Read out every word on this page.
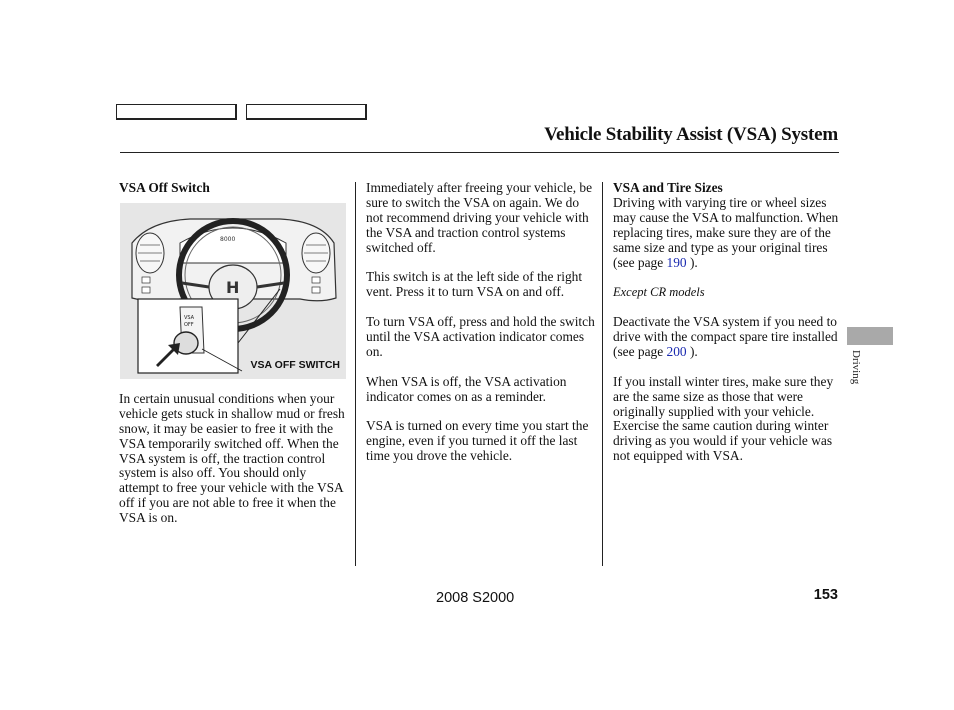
Vehicle Stability Assist (VSA) System

VSA Off Switch

8000
H
VSA
OFF
VSA OFF SWITCH

In certain unusual conditions when your vehicle gets stuck in shallow mud or fresh snow, it may be easier to free it with the VSA temporarily switched off. When the VSA system is off, the traction control system is also off. You should only attempt to free your vehicle with the VSA off if you are not able to free it when the VSA is on.

Immediately after freeing your vehicle, be sure to switch the VSA on again. We do not recommend driving your vehicle with the VSA and traction control systems switched off.

This switch is at the left side of the right vent. Press it to turn VSA on and off.

To turn VSA off, press and hold the switch until the VSA activation indicator comes on.

When VSA is off, the VSA activation indicator comes on as a reminder.

VSA is turned on every time you start the engine, even if you turned it off the last time you drove the vehicle.

VSA and Tire Sizes

Driving with varying tire or wheel sizes may cause the VSA to malfunction. When replacing tires, make sure they are of the same size and type as your original tires (see page 190 ).

Except CR models

Deactivate the VSA system if you need to drive with the compact spare tire installed (see page 200 ).

If you install winter tires, make sure they are the same size as those that were originally supplied with your vehicle. Exercise the same caution during winter driving as you would if your vehicle was not equipped with VSA.

Driving
2008 S2000	153
